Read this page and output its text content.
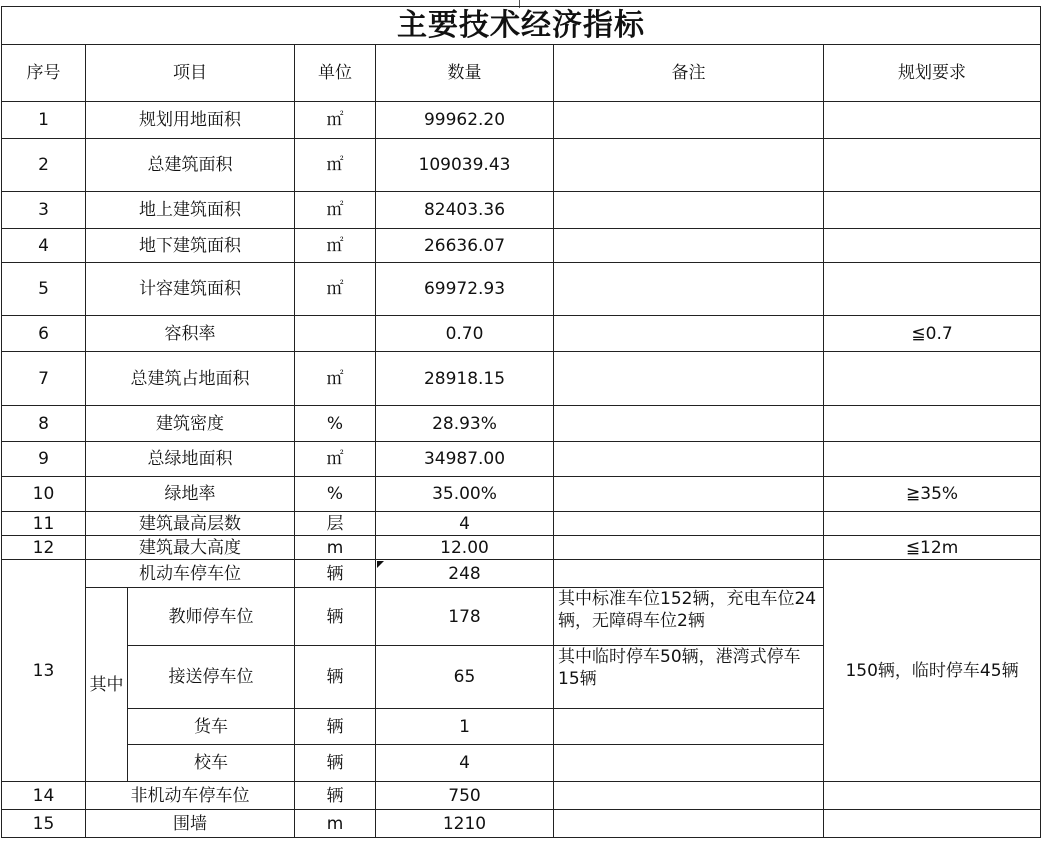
主要技术经济指标						
序号	项目		单位	数量	备注	规划要求
1	规划用地面积		㎡	99962.20		
2	总建筑面积		㎡	109039.43		
3	地上建筑面积		㎡	82403.36		
4	地下建筑面积		㎡	26636.07		
5	计容建筑面积		㎡	69972.93		
6	容积率			0.70		≦0.7
7	总建筑占地面积		㎡	28918.15		
8	建筑密度		%	28.93%		
9	总绿地面积		㎡	34987.00		
10	绿地率		%	35.00%		≧35%
11	建筑最高层数		层	4		
12	建筑最大高度		m	12.00		≦12m
13	机动车停车位		辆	248		150辆，临时停车45辆
	其中	教师停车位	辆	178	其中标准车位152辆，充电车位24辆，无障碍车位2辆	
		接送停车位	辆	65	其中临时停车50辆，港湾式停车15辆	
		货车	辆	1		
		校车	辆	4		
14	非机动车停车位		辆	750		
15	围墙		m	1210		
